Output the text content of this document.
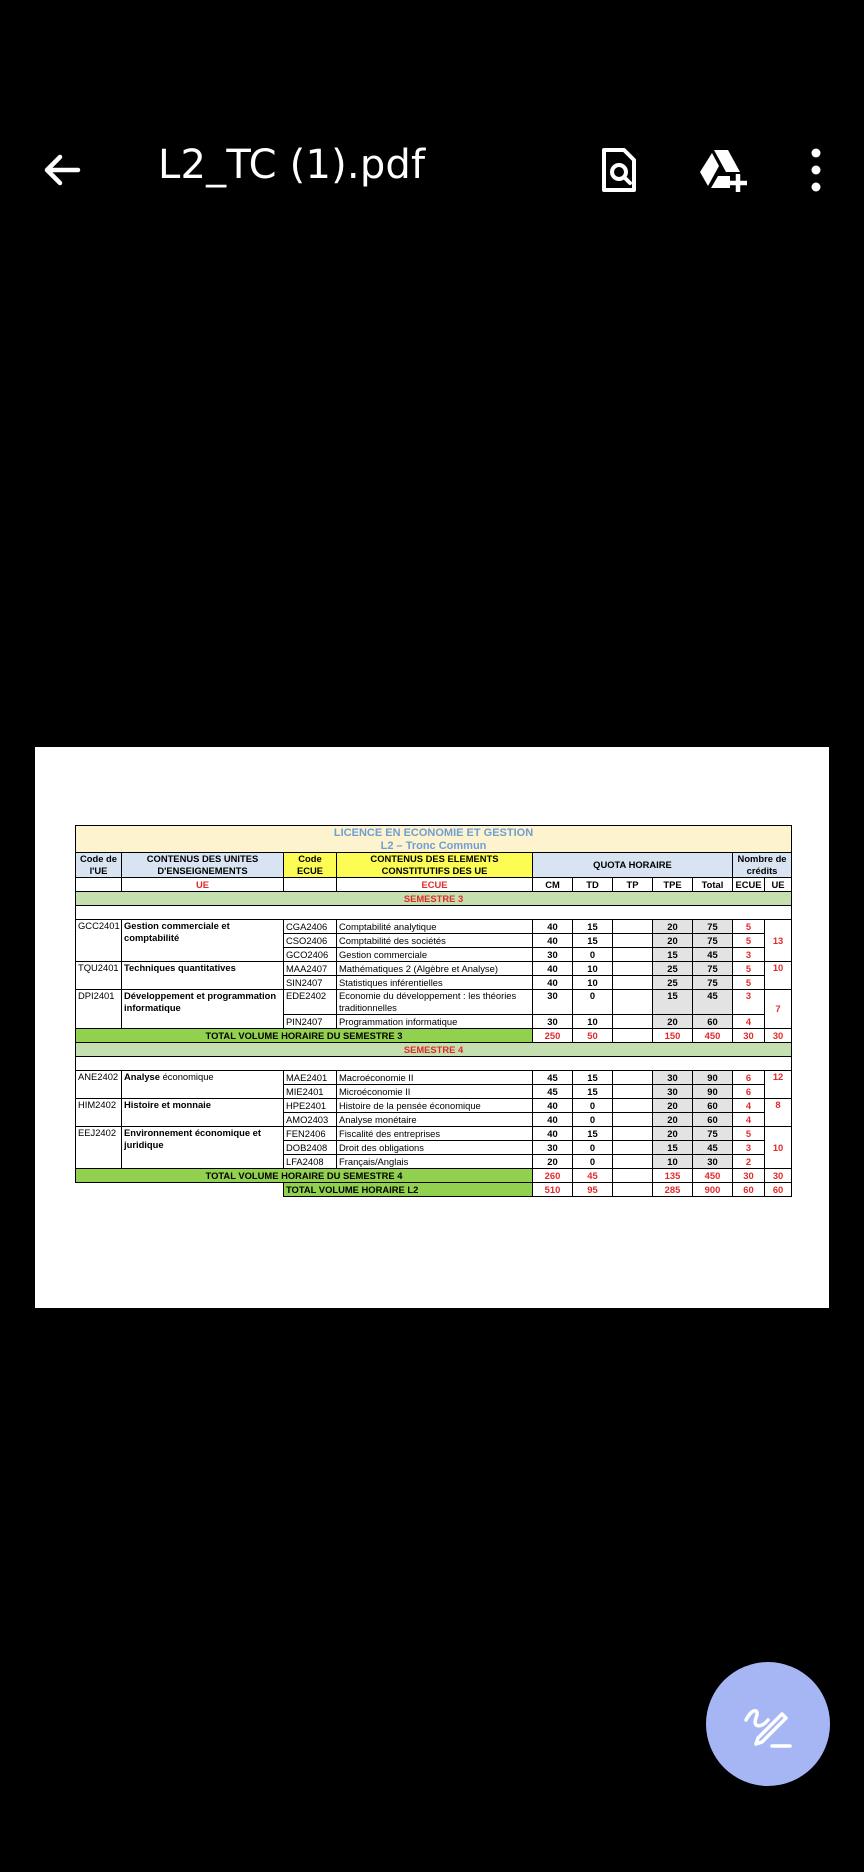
L2_TC (1).pdf
LICENCE EN ECONOMIE ET GESTION										
L2 – Tronc Commun										
Code de l'UE	CONTENUS DES UNITES D'ENSEIGNEMENTS	Code ECUE	CONTENUS DES ELEMENTS CONSTITUTIFS DES UE	QUOTA HORAIRE					Nombre de crédits	

	UE		ECUE	CM	TD	TP	TPE	Total	ECUE	UE
SEMESTRE 3										

GCC2401	Gestion commerciale et comptabilité	CGA2406	Comptabilité analytique	40	15		20	75	5	13
		CSO2406	Comptabilité des sociétés	40	15		20	75	5	
		GCO2406	Gestion commerciale	30	0		15	45	3	
TQU2401	Techniques quantitatives	MAA2407	Mathématiques 2 (Algèbre et Analyse)	40	10		25	75	5	10
		SIN2407	Statistiques inférentielles	40	10		25	75	5	
DPI2401	Développement et programmation informatique	EDE2402	Economie du développement : les théories traditionnelles	30	0		15	45	3	7
		PIN2407	Programmation informatique	30	10		20	60	4	
TOTAL VOLUME HORAIRE DU SEMESTRE 3				250	50		150	450	30	30
SEMESTRE 4										

ANE2402	Analyse économique	MAE2401	Macroéconomie II	45	15		30	90	6	12
		MIE2401	Microéconomie II	45	15		30	90	6	
HIM2402	Histoire et monnaie	HPE2401	Histoire de la pensée économique	40	0		20	60	4	8
		AMO2403	Analyse monétaire	40	0		20	60	4	
EEJ2402	Environnement économique et juridique	FEN2406	Fiscalité des entreprises	40	15		20	75	5	10
		DOB2408	Droit des obligations	30	0		15	45	3	
		LFA2408	Français/Anglais	20	0		10	30	2	
TOTAL VOLUME HORAIRE DU SEMESTRE 4				260	45		135	450	30	30
		TOTAL VOLUME HORAIRE L2		510	95		285	900	60	60
